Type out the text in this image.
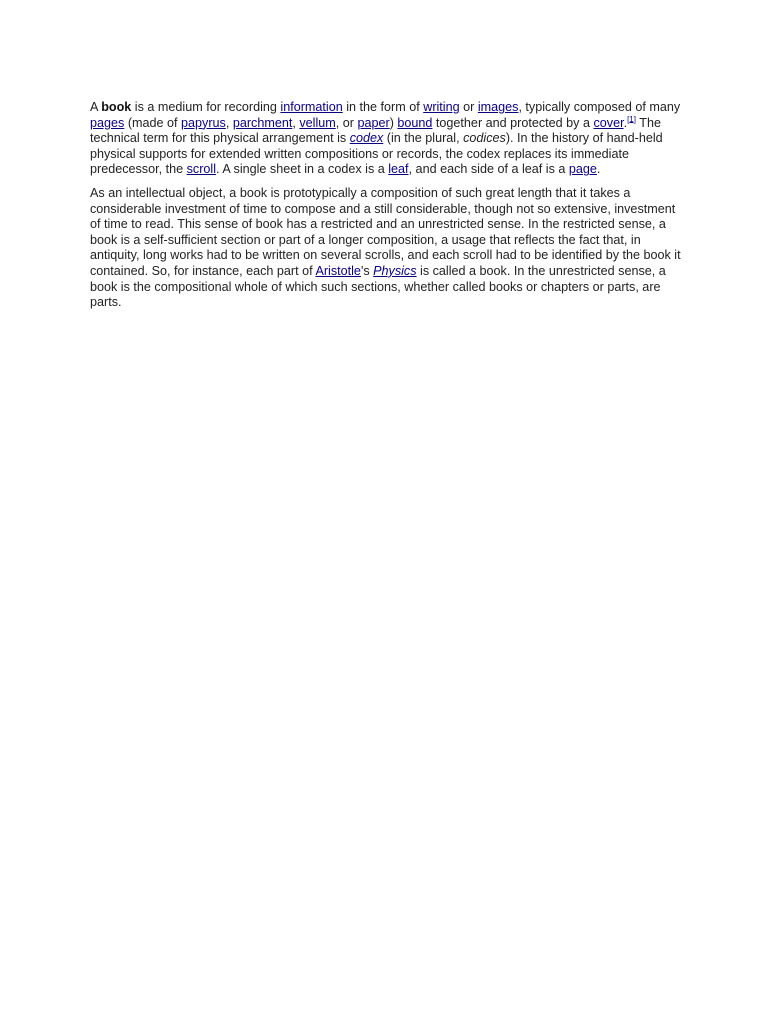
A book is a medium for recording information in the form of writing or images, typically composed of many pages (made of papyrus, parchment, vellum, or paper) bound together and protected by a cover.[1] The technical term for this physical arrangement is codex (in the plural, codices). In the history of hand-held physical supports for extended written compositions or records, the codex replaces its immediate predecessor, the scroll. A single sheet in a codex is a leaf, and each side of a leaf is a page.

As an intellectual object, a book is prototypically a composition of such great length that it takes a considerable investment of time to compose and a still considerable, though not so extensive, investment of time to read. This sense of book has a restricted and an unrestricted sense. In the restricted sense, a book is a self-sufficient section or part of a longer composition, a usage that reflects the fact that, in antiquity, long works had to be written on several scrolls, and each scroll had to be identified by the book it contained. So, for instance, each part of Aristotle's Physics is called a book. In the unrestricted sense, a book is the compositional whole of which such sections, whether called books or chapters or parts, are parts.
